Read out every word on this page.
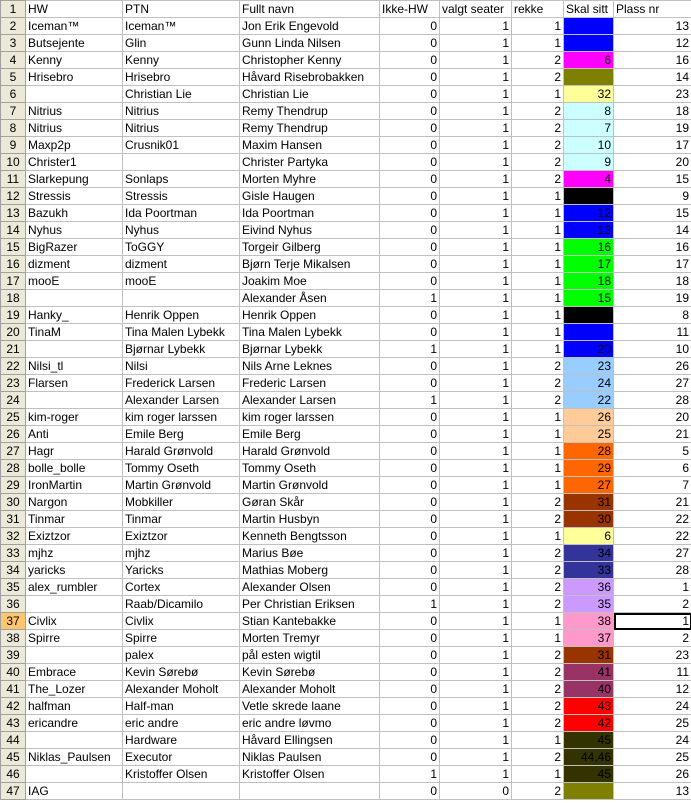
1	HW	PTN	Fullt navn	Ikke-HW	valgt seater	rekke	Skal sitt	Plass nr
2	Iceman™	Iceman™	Jon Erik Engevold	0	1	1		13
3	Butsejente	Glin	Gunn Linda Nilsen	0	1	1		12
4	Kenny	Kenny	Christopher Kenny	0	1	2	6	16
5	Hrisebro	Hrisebro	Håvard Risebrobakken	0	1	2		14
6		Christian Lie	Christian Lie	0	1	1	32	23
7	Nitrius	Nitrius	Remy Thendrup	0	1	2	8	18
8	Nitrius	Nitrius	Remy Thendrup	0	1	2	7	19
9	Maxp2p	Crusnik01	Maxim Hansen	0	1	2	10	17
10	Christer1		Christer Partyka	0	1	2	9	20
11	Slarkepung	Sonlaps	Morten Myhre	0	1	2	4	15
12	Stressis	Stressis	Gisle Haugen	0	1	1		9
13	Bazukh	Ida Poortman	Ida Poortman	0	1	1	12	15
14	Nyhus	Nyhus	Eivind Nyhus	0	1	1	13	14
15	BigRazer	ToGGY	Torgeir Gilberg	0	1	1	16	16
16	dizment	dizment	Bjørn Terje Mikalsen	0	1	1	17	17
17	mooE	mooE	Joakim Moe	0	1	1	18	18
18			Alexander Åsen	1	1	1	15	19
19	Hanky_	Henrik Oppen	Henrik Oppen	0	1	1		8
20	TinaM	Tina Malen Lybekk	Tina Malen Lybekk	0	1	1		11
21		Bjørnar Lybekk	Bjørnar Lybekk	1	1	1	20	10
22	Nilsi_tl	Nilsi	Nils Arne Leknes	0	1	2	23	26
23	Flarsen	Frederick Larsen	Frederic Larsen	0	1	2	24	27
24		Alexander Larsen	Alexander Larsen	1	1	2	22	28
25	kim-roger	kim roger larssen	kim roger larssen	0	1	1	26	20
26	Anti	Emile Berg	Emile Berg	0	1	1	25	21
27	Hagr	Harald Grønvold	Harald Grønvold	0	1	1	28	5
28	bolle_bolle	Tommy Oseth	Tommy Oseth	0	1	1	29	6
29	IronMartin	Martin Grønvold	Martin Grønvold	0	1	1	27	7
30	Nargon	Mobkiller	Gøran Skår	0	1	2	31	21
31	Tinmar	Tinmar	Martin Husbyn	0	1	2	30	22
32	Exiztzor	Exiztzor	Kenneth Bengtsson	0	1	1	6	22
33	mjhz	mjhz	Marius Bøe	0	1	2	34	27
34	yaricks	Yaricks	Mathias Moberg	0	1	2	33	28
35	alex_rumbler	Cortex	Alexander Olsen	0	1	2	36	1
36		Raab/Dicamilo	Per Christian Eriksen	1	1	2	35	2
37	Civlix	Civlix	Stian Kantebakke	0	1	1	38	1
38	Spirre	Spirre	Morten Tremyr	0	1	1	37	2
39		palex	pål esten wigtil	0	1	2	31	23
40	Embrace	Kevin Sørebø	Kevin Sørebø	0	1	2	41	11
41	The_Lozer	Alexander Moholt	Alexander Moholt	0	1	2	40	12
42	halfman	Half-man	Vetle skrede laane	0	1	2	43	24
43	ericandre	eric andre	eric andre løvmo	0	1	2	42	25
44		Hardware	Håvard Ellingsen	0	1	1	45	24
45	Niklas_Paulsen	Executor	Niklas Paulsen	0	1	2	44,46	25
46		Kristoffer Olsen	Kristoffer Olsen	1	1	1	45	26
47	IAG			0	0	2		13
